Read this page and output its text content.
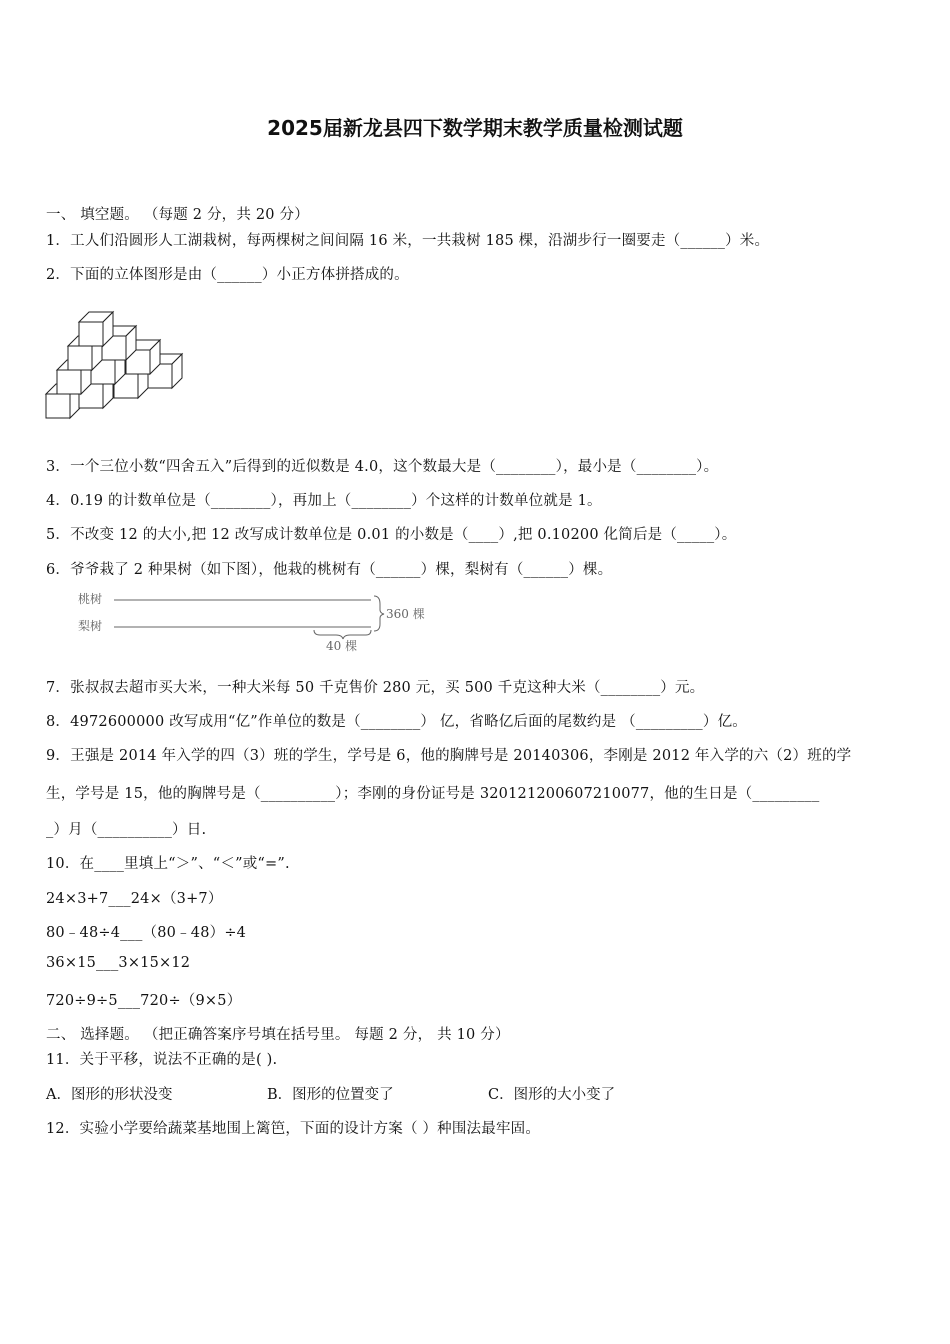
2025届新龙县四下数学期末教学质量检测试题
一、 填空题。 （每题 2 分，共 20 分）
1．工人们沿圆形人工湖栽树，每两棵树之间间隔 16 米，一共栽树 185 棵，沿湖步行一圈要走（______）米。
2．下面的立体图形是由（______）小正方体拼搭成的。
3．一个三位小数“四舍五入”后得到的近似数是 4.0，这个数最大是（________），最小是（________）。
4．0.19 的计数单位是（________），再加上（________）个这样的计数单位就是 1。
5．不改变 12 的大小,把 12 改写成计数单位是 0.01 的小数是（____）,把 0.10200 化简后是（_____）。
6．爷爷栽了 2 种果树（如下图），他栽的桃树有（______）棵，梨树有（______）棵。
桃树
梨树
360 棵
40 棵
7．张叔叔去超市买大米，一种大米每 50 千克售价 280 元，买 500 千克这种大米（________）元。
8．4972600000 改写成用“亿”作单位的数是（________） 亿，省略亿后面的尾数约是 （_________）亿。
9．王强是 2014 年入学的四（3）班的学生，学号是 6，他的胸牌号是 20140306，李刚是 2012 年入学的六（2）班的学
生，学号是 15，他的胸牌号是（__________）；李刚的身份证号是 320121200607210077，他的生日是（_________
_）月（__________）日.
10．在____里填上“＞”、“＜”或“=”.
24×3+7___24×（3+7）
80﹣48÷4___（80﹣48）÷4
36×15___3×15×12
720÷9÷5___720÷（9×5）
二、 选择题。 （把正确答案序号填在括号里。 每题 2 分， 共 10 分）
11．关于平移，说法不正确的是( ).
A．图形的形状没变	B．图形的位置变了	C．图形的大小变了
12．实验小学要给蔬菜基地围上篱笆，下面的设计方案（ ）种围法最牢固。
